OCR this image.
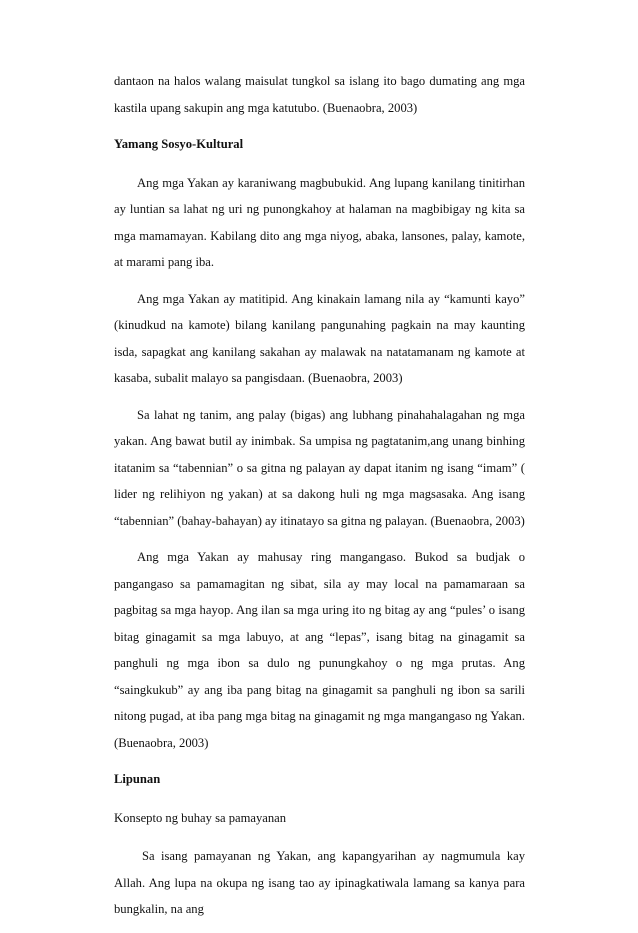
dantaon na halos walang maisulat tungkol sa islang ito bago dumating ang mga kastila upang sakupin ang mga katutubo. (Buenaobra, 2003)

Yamang Sosyo-Kultural

Ang mga Yakan ay karaniwang magbubukid. Ang lupang kanilang tinitirhan ay luntian sa lahat ng uri ng punongkahoy at halaman na magbibigay ng kita sa mga mamamayan. Kabilang dito ang mga niyog, abaka, lansones, palay, kamote, at marami pang iba.

Ang mga Yakan ay matitipid. Ang kinakain lamang nila ay “kamunti kayo” (kinudkud na kamote) bilang kanilang pangunahing pagkain na may kaunting isda, sapagkat ang kanilang sakahan ay malawak na natatamanam ng kamote at kasaba, subalit malayo sa pangisdaan. (Buenaobra, 2003)

Sa lahat ng tanim, ang palay (bigas) ang lubhang pinahahalagahan ng mga yakan. Ang bawat butil ay inimbak. Sa umpisa ng pagtatanim,ang unang binhing itatanim sa “tabennian” o sa gitna ng palayan ay dapat itanim ng isang “imam” ( lider ng relihiyon ng yakan) at sa dakong huli ng mga magsasaka. Ang isang “tabennian” (bahay-bahayan) ay itinatayo sa gitna ng palayan. (Buenaobra, 2003)

Ang mga Yakan ay mahusay ring mangangaso. Bukod sa budjak o pangangaso sa pamamagitan ng sibat, sila ay may local na pamamaraan sa pagbitag sa mga hayop. Ang ilan sa mga uring ito ng bitag ay ang “pules’ o isang bitag ginagamit sa mga labuyo, at ang “lepas”, isang bitag na ginagamit sa panghuli ng mga ibon sa dulo ng punungkahoy o ng mga prutas. Ang “saingkukub” ay ang iba pang bitag na ginagamit sa panghuli ng ibon sa sarili nitong pugad, at iba pang mga bitag na ginagamit ng mga mangangaso ng Yakan. (Buenaobra, 2003)

Lipunan

Konsepto ng buhay sa pamayanan

Sa isang pamayanan ng Yakan, ang kapangyarihan ay nagmumula kay Allah. Ang lupa na okupa ng isang tao ay ipinagkatiwala lamang sa kanya para bungkalin, na ang
